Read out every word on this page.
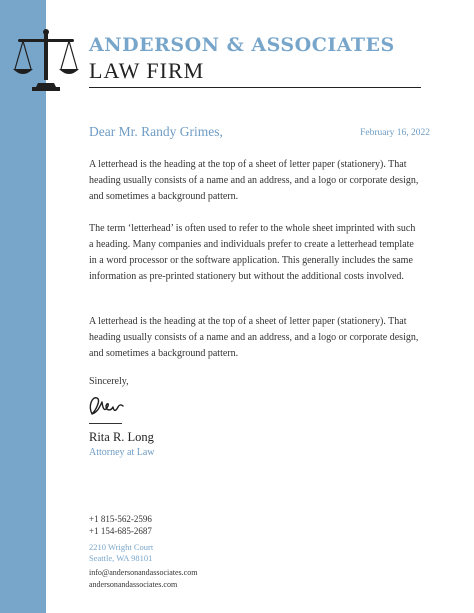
ANDERSON & ASSOCIATES
LAW FIRM
Dear Mr. Randy Grimes,	February 16, 2022

A letterhead is the heading at the top of a sheet of letter paper (stationery). That heading usually consists of a name and an address, and a logo or corporate design, and sometimes a background pattern.

The term ‘letterhead’ is often used to refer to the whole sheet imprinted with such a heading. Many companies and individuals prefer to create a letterhead template in a word processor or the software application. This generally includes the same information as pre-printed stationery but without the additional costs involved.

A letterhead is the heading at the top of a sheet of letter paper (stationery). That heading usually consists of a name and an address, and a logo or corporate design, and sometimes a background pattern.

Sincerely,
Rita R. Long
Attorney at Law
+1 815-562-2596
+1 154-685-2687
2210 Wright Court
Seattle, WA 98101
info@andersonandassociates.com
andersonandassociates.com
